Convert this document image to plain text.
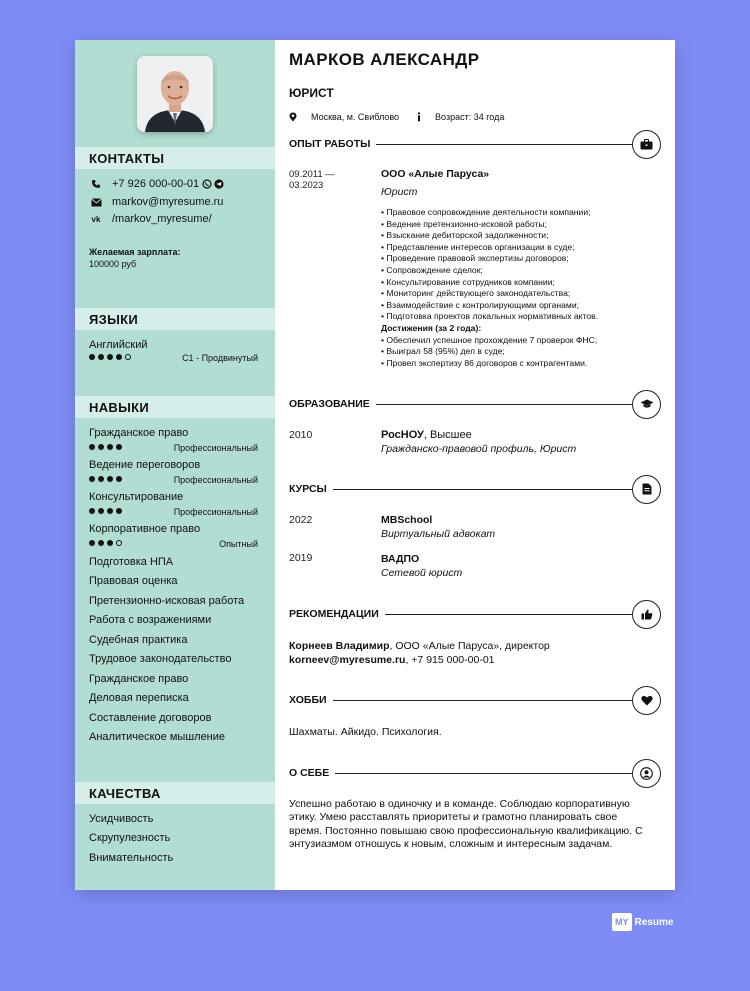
КОНТАКТЫ
+7 926 000-00-01
markov@myresume.ru
vk /markov_myresume/
Желаемая зарплата:
100000 руб
ЯЗЫКИ
Английский
C1 - Продвинутый
НАВЫКИ
Гражданское право
Профессиональный
Ведение переговоров
Профессиональный
Консультирование
Профессиональный
Корпоративное право
Опытный
Подготовка НПА
Правовая оценка
Претензионно-исковая работа
Работа с возражениями
Судебная практика
Трудовое законодательство
Гражданское право
Деловая переписка
Составление договоров
Аналитическое мышление
КАЧЕСТВА
Усидчивость
Скрупулезность
Внимательность
МАРКОВ АЛЕКСАНДР
ЮРИСТ
Москва, м. Свиблово	Возраст: 34 года
ОПЫТ РАБОТЫ
09.2011 —
03.2023
ООО «Алые Паруса»
Юрист
• Правовое сопровождение деятельности компании;
• Ведение претензионно-исковой работы;
• Взыскание дебиторской задолженности;
• Представление интересов организации в суде;
• Проведение правовой экспертизы договоров;
• Сопровождение сделок;
• Консультирование сотрудников компании;
• Мониторинг действующего законодательства;
• Взаимодействие с контролирующими органами;
• Подготовка проектов локальных нормативных актов.
Достижения (за 2 года):
• Обеспечил успешное прохождение 7 проверок ФНС;
• Выиграл 58 (95%) дел в суде;
• Провел экспертизу 86 договоров с контрагентами.
ОБРАЗОВАНИЕ
2010	РосНОУ, Высшее
Гражданско-правовой профиль, Юрист
КУРСЫ
2022	MBSchool
Виртуальный адвокат
2019	ВАДПО
Сетевой юрист
РЕКОМЕНДАЦИИ
Корнеев Владимир, ООО «Алые Паруса», директор
korneev@myresume.ru, +7 915 000-00-01
ХОББИ
Шахматы. Айкидо. Психология.
О СЕБЕ
Успешно работаю в одиночку и в команде. Соблюдаю корпоративную
этику. Умею расставлять приоритеты и грамотно планировать свое
время. Постоянно повышаю свою профессиональную квалификацию. С
энтузиазмом отношусь к новым, сложным и интересным задачам.
MY Resume
